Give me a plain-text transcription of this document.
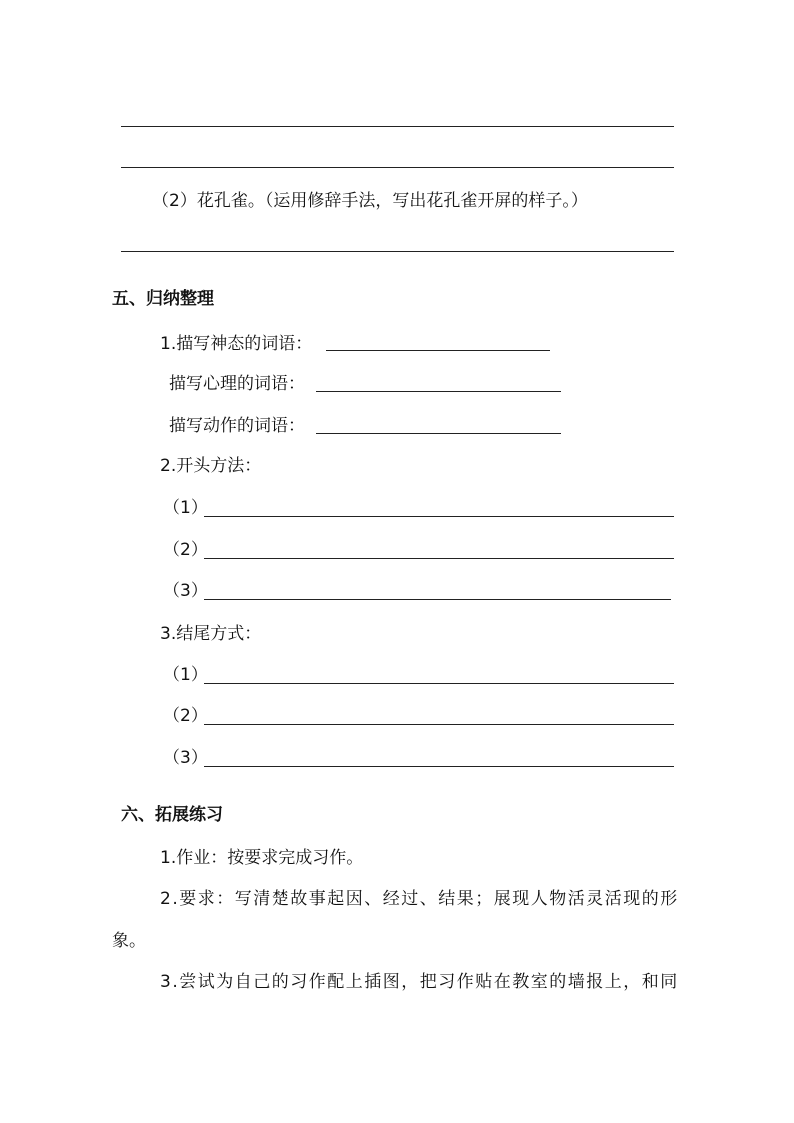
（2）花孔雀。（运用修辞手法，写出花孔雀开屏的样子。）
五、归纳整理
1.描写神态的词语：
描写心理的词语：
描写动作的词语：
2.开头方法：
（1）
（2）
（3）
3.结尾方式：
（1）
（2）
（3）
六、拓展练习
1.作业：按要求完成习作。
2.要求：写清楚故事起因、经过、结果；展现人物活灵活现的形
象。
3.尝试为自己的习作配上插图，把习作贴在教室的墙报上，和同
